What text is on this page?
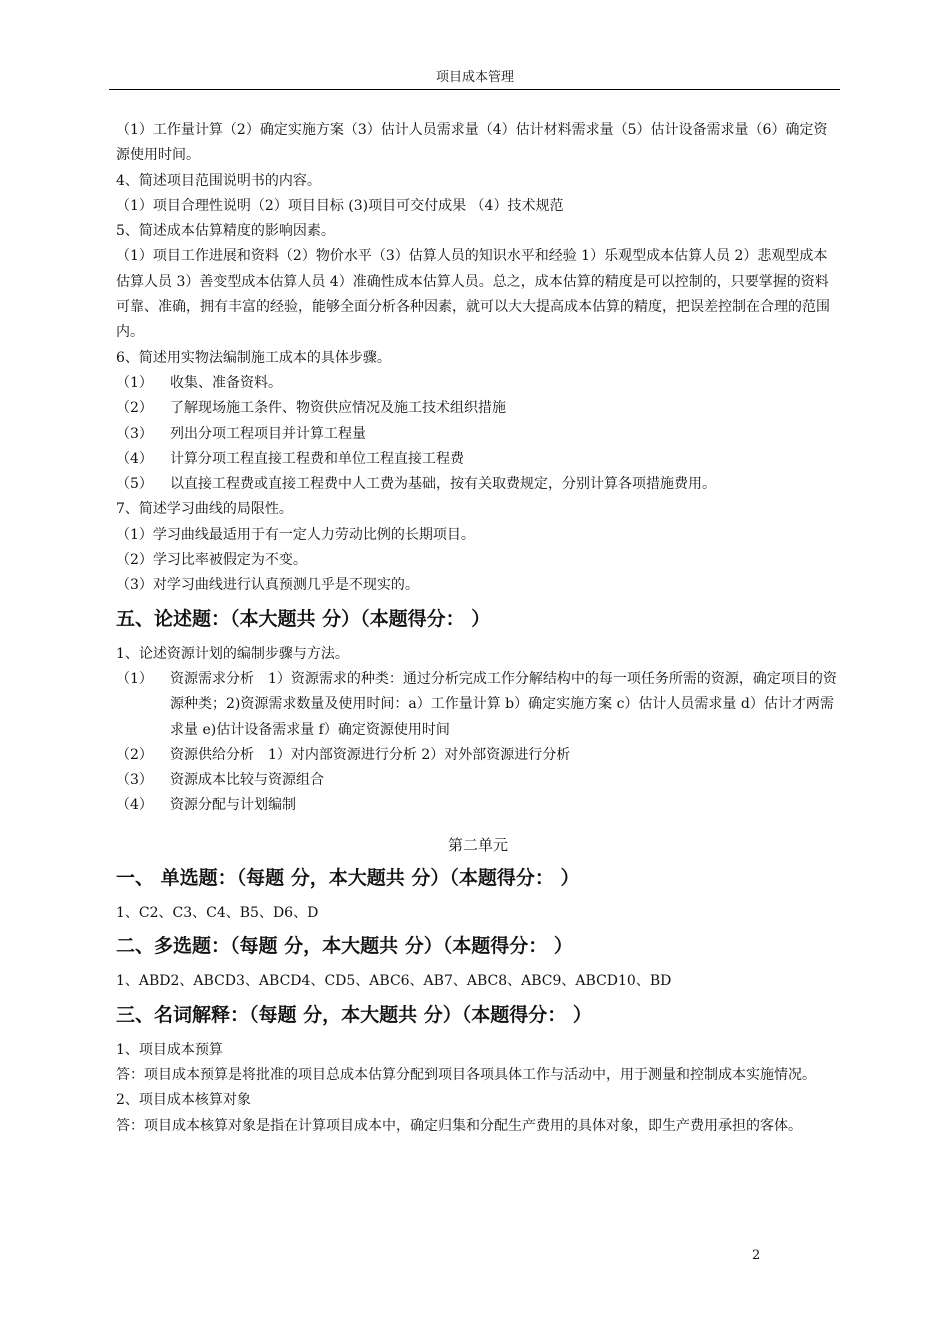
项目成本管理

（1）工作量计算（2）确定实施方案（3）估计人员需求量（4）估计材料需求量（5）估计设备需求量（6）确定资源使用时间。

4、简述项目范围说明书的内容。

（1）项目合理性说明（2）项目目标 (3)项目可交付成果 （4）技术规范

5、简述成本估算精度的影响因素。

（1）项目工作进展和资料（2）物价水平（3）估算人员的知识水平和经验 1）乐观型成本估算人员 2）悲观型成本估算人员 3）善变型成本估算人员 4）准确性成本估算人员。总之，成本估算的精度是可以控制的，只要掌握的资料可靠、准确，拥有丰富的经验，能够全面分析各种因素，就可以大大提高成本估算的精度，把误差控制在合理的范围内。

6、简述用实物法编制施工成本的具体步骤。

（1）	收集、准备资料。
（2）	了解现场施工条件、物资供应情况及施工技术组织措施
（3）	列出分项工程项目并计算工程量
（4）	计算分项工程直接工程费和单位工程直接工程费
（5）	以直接工程费或直接工程费中人工费为基础，按有关取费规定，分别计算各项措施费用。

7、简述学习曲线的局限性。

（1）学习曲线最适用于有一定人力劳动比例的长期项目。

（2）学习比率被假定为不变。

（3）对学习曲线进行认真预测几乎是不现实的。

五、论述题：（本大题共 分）（本题得分： ）

1、论述资源计划的编制步骤与方法。

（1）	资源需求分析　1）资源需求的种类：通过分析完成工作分解结构中的每一项任务所需的资源，确定项目的资源种类；2)资源需求数量及使用时间：a）工作量计算 b）确定实施方案 c）估计人员需求量 d）估计才两需求量 e)估计设备需求量 f）确定资源使用时间
（2）	资源供给分析　1）对内部资源进行分析 2）对外部资源进行分析
（3）	资源成本比较与资源组合
（4）	资源分配与计划编制

第二单元

一、 单选题：（每题 分，本大题共 分）（本题得分： ）

1、C2、C3、C4、B5、D6、D

二、多选题：（每题 分，本大题共 分）（本题得分： ）

1、ABD2、ABCD3、ABCD4、CD5、ABC6、AB7、ABC8、ABC9、ABCD10、BD

三、名词解释：（每题 分，本大题共 分）（本题得分： ）

1、项目成本预算

答：项目成本预算是将批准的项目总成本估算分配到项目各项具体工作与活动中，用于测量和控制成本实施情况。

2、项目成本核算对象

答：项目成本核算对象是指在计算项目成本中，确定归集和分配生产费用的具体对象，即生产费用承担的客体。

2
